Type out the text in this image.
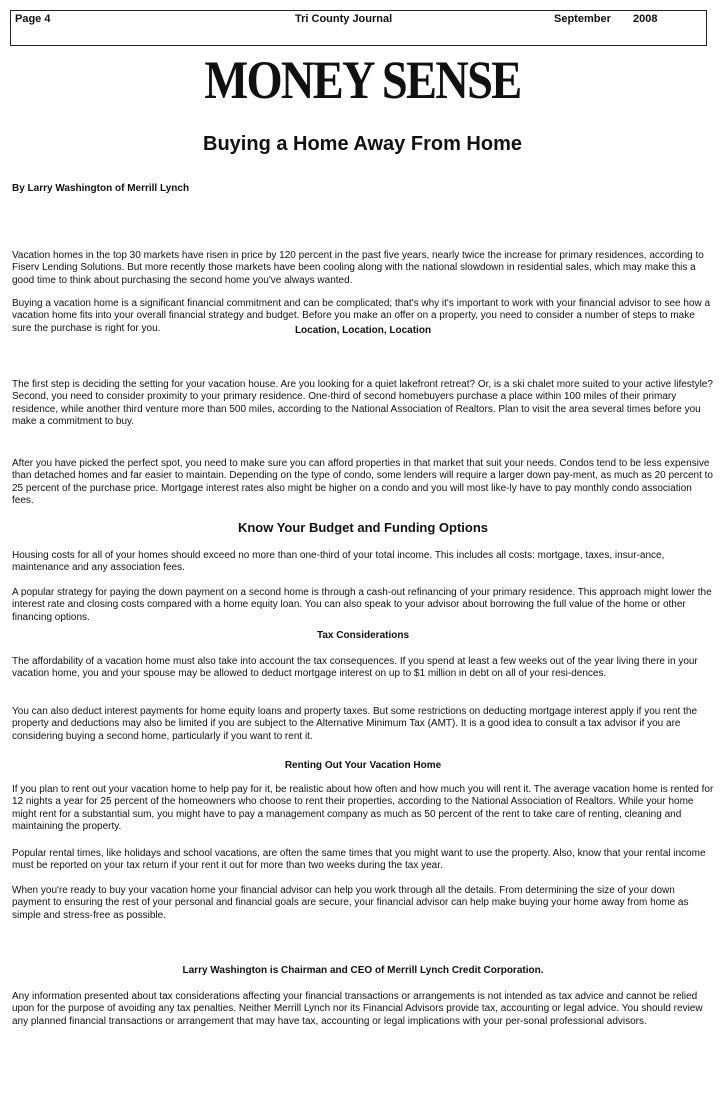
Page 4	Tri County Journal	September 2008
MONEY SENSE
Buying a Home Away From Home
By Larry Washington of Merrill Lynch

Vacation homes in the top 30 markets have risen in price by 120 percent in the past five years, nearly twice the increase for primary residences, according to Fiserv Lending Solutions. But more recently those markets have been cooling along with the national slowdown in residential sales, which may make this a good time to think about purchasing the second home you've always wanted.

Buying a vacation home is a significant financial commitment and can be complicated; that's why it's important to work with your financial advisor to see how a vacation home fits into your overall financial strategy and budget. Before you make an offer on a property, you need to consider a number of steps to make sure the purchase is right for you.	Location, Location, Location

The first step is deciding the setting for your vacation house. Are you looking for a quiet lakefront retreat? Or, is a ski chalet more suited to your active lifestyle? Second, you need to consider proximity to your primary residence. One-third of second homebuyers purchase a place within 100 miles of their primary residence, while another third venture more than 500 miles, according to the National Association of Realtors. Plan to visit the area several times before you make a commitment to buy.

After you have picked the perfect spot, you need to make sure you can afford properties in that market that suit your needs. Condos tend to be less expensive than detached homes and far easier to maintain. Depending on the type of condo, some lenders will require a larger down pay-ment, as much as 20 percent to 25 percent of the purchase price. Mortgage interest rates also might be higher on a condo and you will most like-ly have to pay monthly condo association fees.

Know Your Budget and Funding Options

Housing costs for all of your homes should exceed no more than one-third of your total income. This includes all costs: mortgage, taxes, insur-ance, maintenance and any association fees.

A popular strategy for paying the down payment on a second home is through a cash-out refinancing of your primary residence. This approach might lower the interest rate and closing costs compared with a home equity loan. You can also speak to your advisor about borrowing the full value of the home or other financing options.

Tax Considerations

The affordability of a vacation home must also take into account the tax consequences. If you spend at least a few weeks out of the year living there in your vacation home, you and your spouse may be allowed to deduct mortgage interest on up to $1 million in debt on all of your resi-dences.

You can also deduct interest payments for home equity loans and property taxes. But some restrictions on deducting mortgage interest apply if you rent the property and deductions may also be limited if you are subject to the Alternative Minimum Tax (AMT). It is a good idea to consult a tax advisor if you are considering buying a second home, particularly if you want to rent it.

Renting Out Your Vacation Home

If you plan to rent out your vacation home to help pay for it, be realistic about how often and how much you will rent it. The average vacation home is rented for 12 nights a year for 25 percent of the homeowners who choose to rent their properties, according to the National Association of Realtors. While your home might rent for a substantial sum, you might have to pay a management company as much as 50 percent of the rent to take care of renting, cleaning and maintaining the property.

Popular rental times, like holidays and school vacations, are often the same times that you might want to use the property. Also, know that your rental income must be reported on your tax return if your rent it out for more than two weeks during the tax year.

When you're ready to buy your vacation home your financial advisor can help you work through all the details. From determining the size of your down payment to ensuring the rest of your personal and financial goals are secure, your financial advisor can help make buying your home away from home as simple and stress-free as possible.

Larry Washington is Chairman and CEO of Merrill Lynch Credit Corporation.

Any information presented about tax considerations affecting your financial transactions or arrangements is not intended as tax advice and cannot be relied upon for the purpose of avoiding any tax penalties. Neither Merrill Lynch nor its Financial Advisors provide tax, accounting or legal advice. You should review any planned financial transactions or arrangement that may have tax, accounting or legal implications with your per-sonal professional advisors.
